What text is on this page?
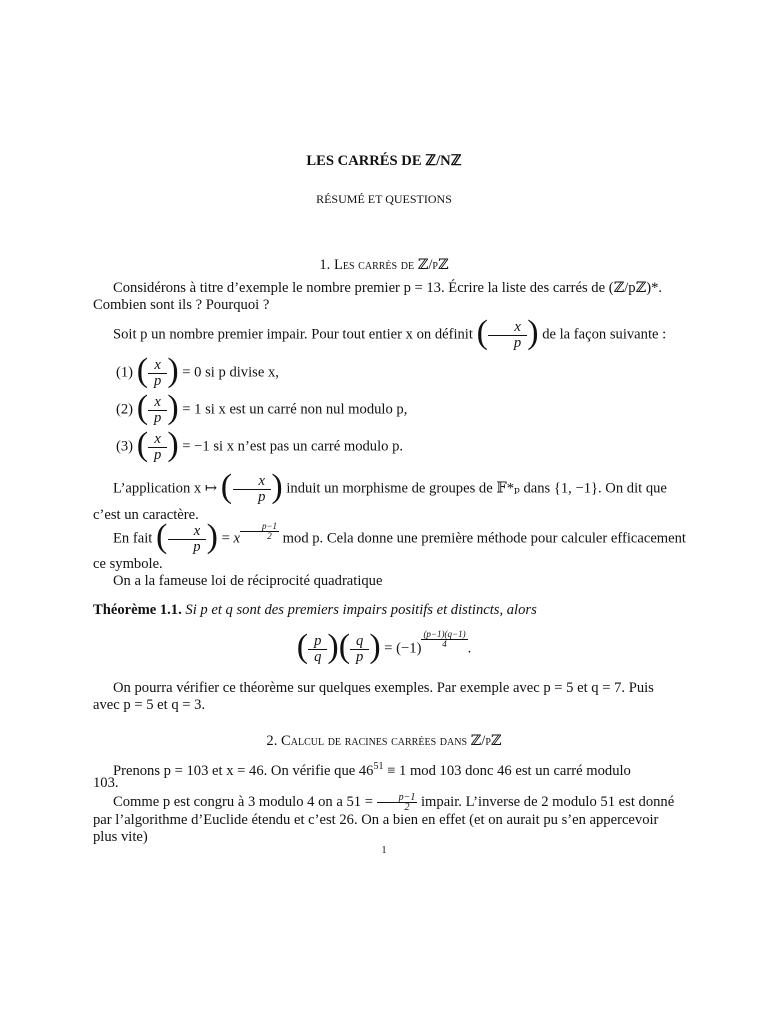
LES CARRÉS DE ℤ/Nℤ
RÉSUMÉ ET QUESTIONS
1. Les carrés de ℤ/pℤ
Considérons à titre d’exemple le nombre premier p = 13. Écrire la liste des carrés de (ℤ/pℤ)*.
Combien sont ils ? Pourquoi ?
Soit p un nombre premier impair. Pour tout entier x on définit ( $\frac{x}{p}$ ) de la façon suivante :
(1) ( $\frac{x}{p}$ ) = 0 si p divise x,
(2) ( $\frac{x}{p}$ ) = 1 si x est un carré non nul modulo p,
(3) ( $\frac{x}{p}$ ) = −1 si x n’est pas un carré modulo p.
L’application x ↦ ( $\frac{x}{p}$ ) induit un morphisme de groupes de 𝔽*ₚ dans {1, −1}. On dit que
c’est un caractère.
En fait ( $\frac{x}{p}$ ) = x $\frac{p-1}{2}$ mod p. Cela donne une première méthode pour calculer efficacement
ce symbole.
On a la fameuse loi de réciprocité quadratique
Théorème 1.1. Si p et q sont des premiers impairs positifs et distincts, alors
( $\frac{p}{q}$ )( $\frac{q}{p}$ ) = $(-1) \frac{(p-1)(q-1)}{4}$ .
On pourra vérifier ce théorème sur quelques exemples. Par exemple avec p = 5 et q = 7. Puis
avec p = 5 et q = 3.
2. Calcul de racines carrées dans ℤ/pℤ
Prenons p = 103 et x = 46. On vérifie que $46^{51} \equiv 1$ mod 103 donc 46 est un carré modulo
103.
Comme p est congru à 3 modulo 4 on a $51 = \frac{p-1}{2}$ impair. L’inverse de 2 modulo 51 est donné
par l’algorithme d’Euclide étendu et c’est 26. On a bien en effet (et on aurait pu s’en appercevoir
plus vite)
1
